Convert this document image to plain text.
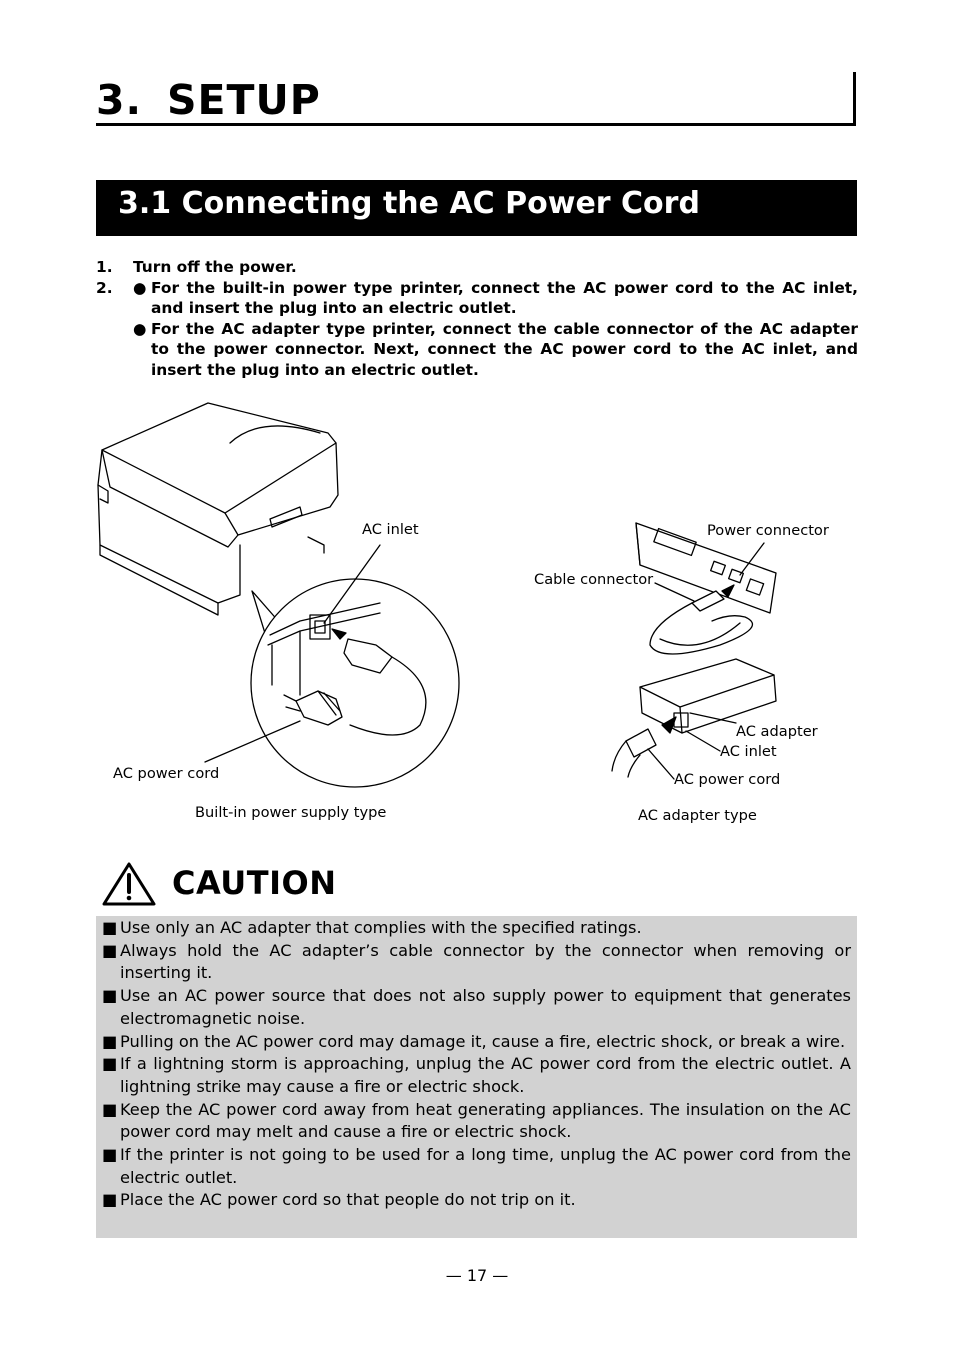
3. SETUP
3.1 Connecting the AC Power Cord
1. Turn off the power.
2. ● For the built-in power type printer, connect the AC power cord to the AC inlet, and insert the plug into an electric outlet.
● For the AC adapter type printer, connect the cable connector of the AC adapter to the power connector. Next, connect the AC power cord to the AC inlet, and insert the plug into an electric outlet.
AC inlet
AC power cord
Built-in power supply type
Power connector
Cable connector
AC adapter
AC inlet
AC power cord
AC adapter type
CAUTION
■ Use only an AC adapter that complies with the specified ratings.
■ Always hold the AC adapter’s cable connector by the connector when removing or inserting it.
■ Use an AC power source that does not also supply power to equipment that generates electromagnetic noise.
■ Pulling on the AC power cord may damage it, cause a fire, electric shock, or break a wire.
■ If a lightning storm is approaching, unplug the AC power cord from the electric outlet. A lightning strike may cause a fire or electric shock.
■ Keep the AC power cord away from heat generating appliances. The insulation on the AC power cord may melt and cause a fire or electric shock.
■ If the printer is not going to be used for a long time, unplug the AC power cord from the electric outlet.
■ Place the AC power cord so that people do not trip on it.
— 17 —
